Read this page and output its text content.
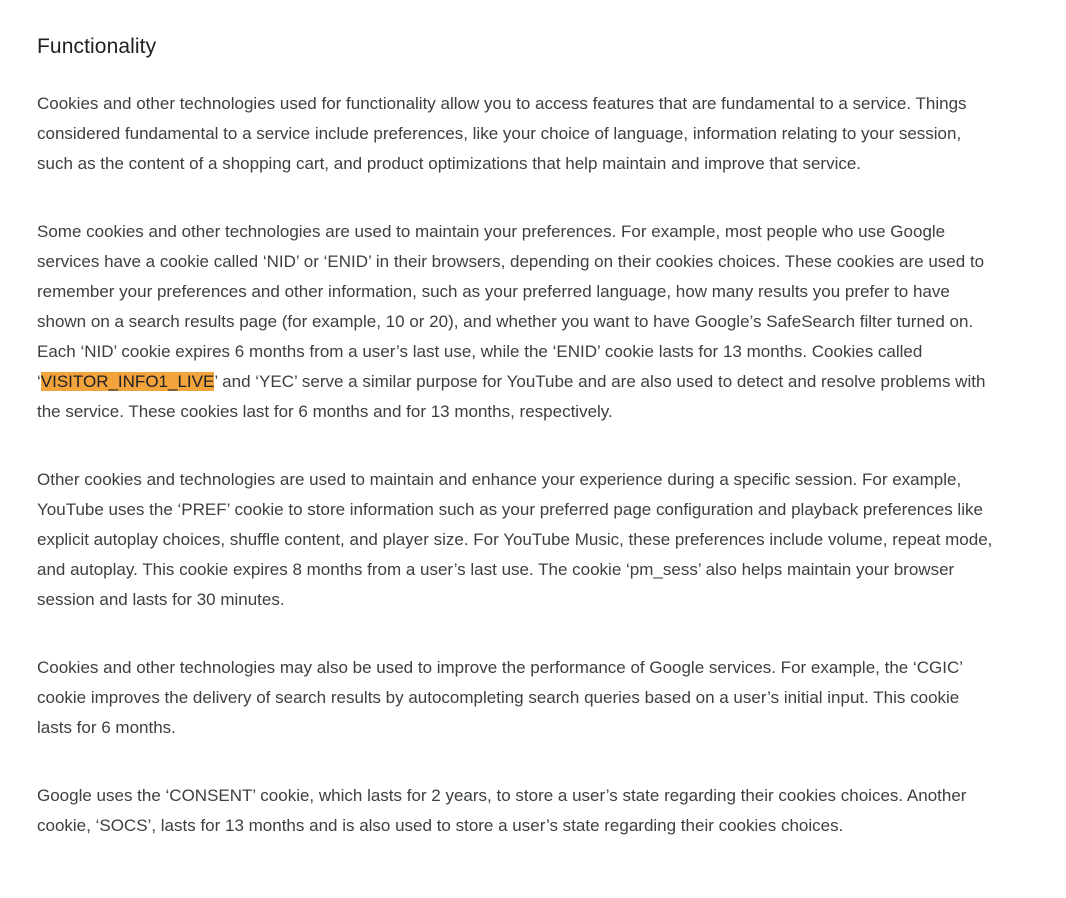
Functionality

Cookies and other technologies used for functionality allow you to access features that are fundamental to a service. Things considered fundamental to a service include preferences, like your choice of language, information relating to your session, such as the content of a shopping cart, and product optimizations that help maintain and improve that service.

Some cookies and other technologies are used to maintain your preferences. For example, most people who use Google services have a cookie called ‘NID’ or ‘ENID’ in their browsers, depending on their cookies choices. These cookies are used to remember your preferences and other information, such as your preferred language, how many results you prefer to have shown on a search results page (for example, 10 or 20), and whether you want to have Google’s SafeSearch filter turned on. Each ‘NID’ cookie expires 6 months from a user’s last use, while the ‘ENID’ cookie lasts for 13 months. Cookies called ‘VISITOR_INFO1_LIVE’ and ‘YEC’ serve a similar purpose for YouTube and are also used to detect and resolve problems with the service. These cookies last for 6 months and for 13 months, respectively.

Other cookies and technologies are used to maintain and enhance your experience during a specific session. For example, YouTube uses the ‘PREF’ cookie to store information such as your preferred page configuration and playback preferences like explicit autoplay choices, shuffle content, and player size. For YouTube Music, these preferences include volume, repeat mode, and autoplay. This cookie expires 8 months from a user’s last use. The cookie ‘pm_sess’ also helps maintain your browser session and lasts for 30 minutes.

Cookies and other technologies may also be used to improve the performance of Google services. For example, the ‘CGIC’ cookie improves the delivery of search results by autocompleting search queries based on a user’s initial input. This cookie lasts for 6 months.

Google uses the ‘CONSENT’ cookie, which lasts for 2 years, to store a user’s state regarding their cookies choices. Another cookie, ‘SOCS’, lasts for 13 months and is also used to store a user’s state regarding their cookies choices.
